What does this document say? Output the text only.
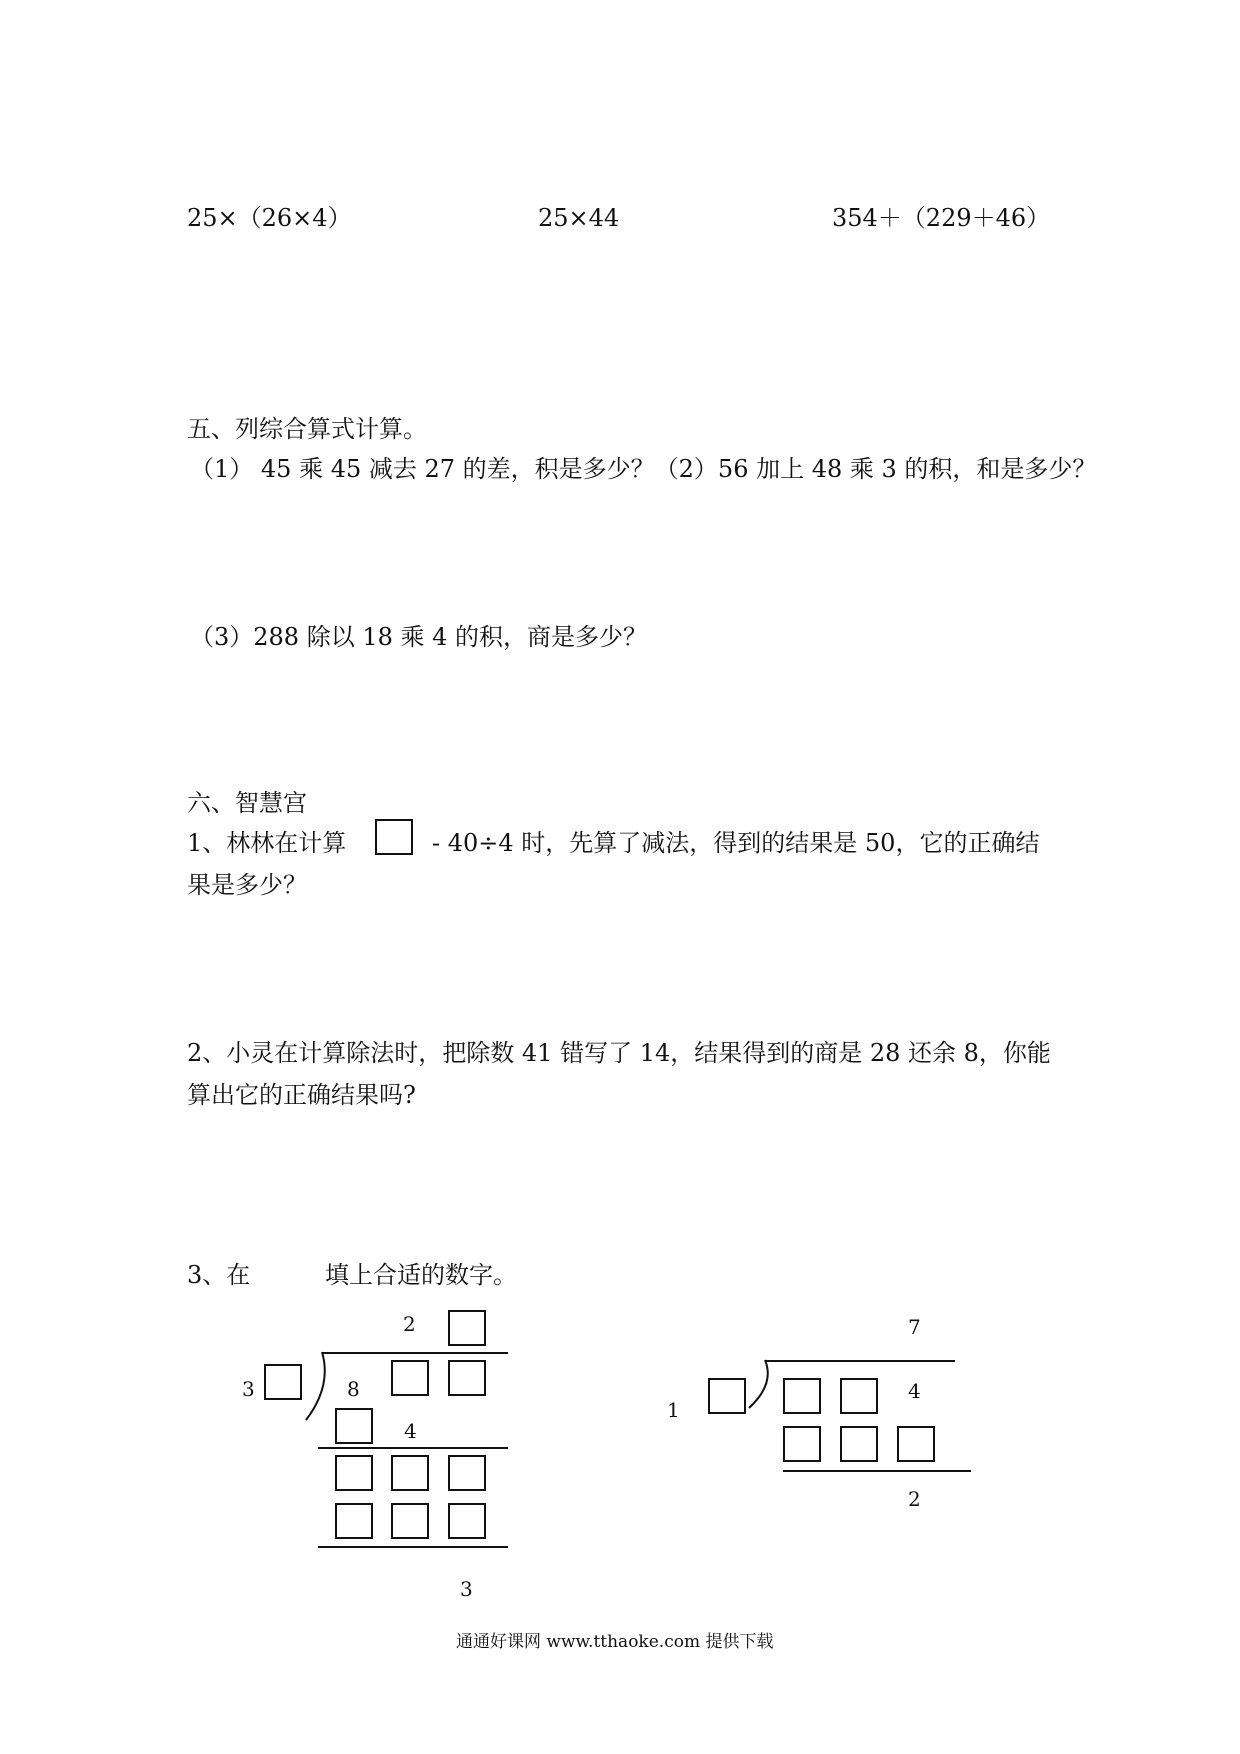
25×（26×4）	25×44	354＋（229＋46）
五、列综合算式计算。
（1） 45 乘 45 减去 27 的差，积是多少？（2）56 加上 48 乘 3 的积，和是多少？
（3）288 除以 18 乘 4 的积，商是多少？
六、智慧宫
1、林林在计算	- 40÷4 时，先算了减法，得到的结果是 50，它的正确结
果是多少？
2、小灵在计算除法时，把除数 41 错写了 14，结果得到的商是 28 还余 8，你能
算出它的正确结果吗?
3、在	填上合适的数字。
2
3	8
4
3
7
1
4
2
通通好课网 www.tthaoke.com 提供下载
